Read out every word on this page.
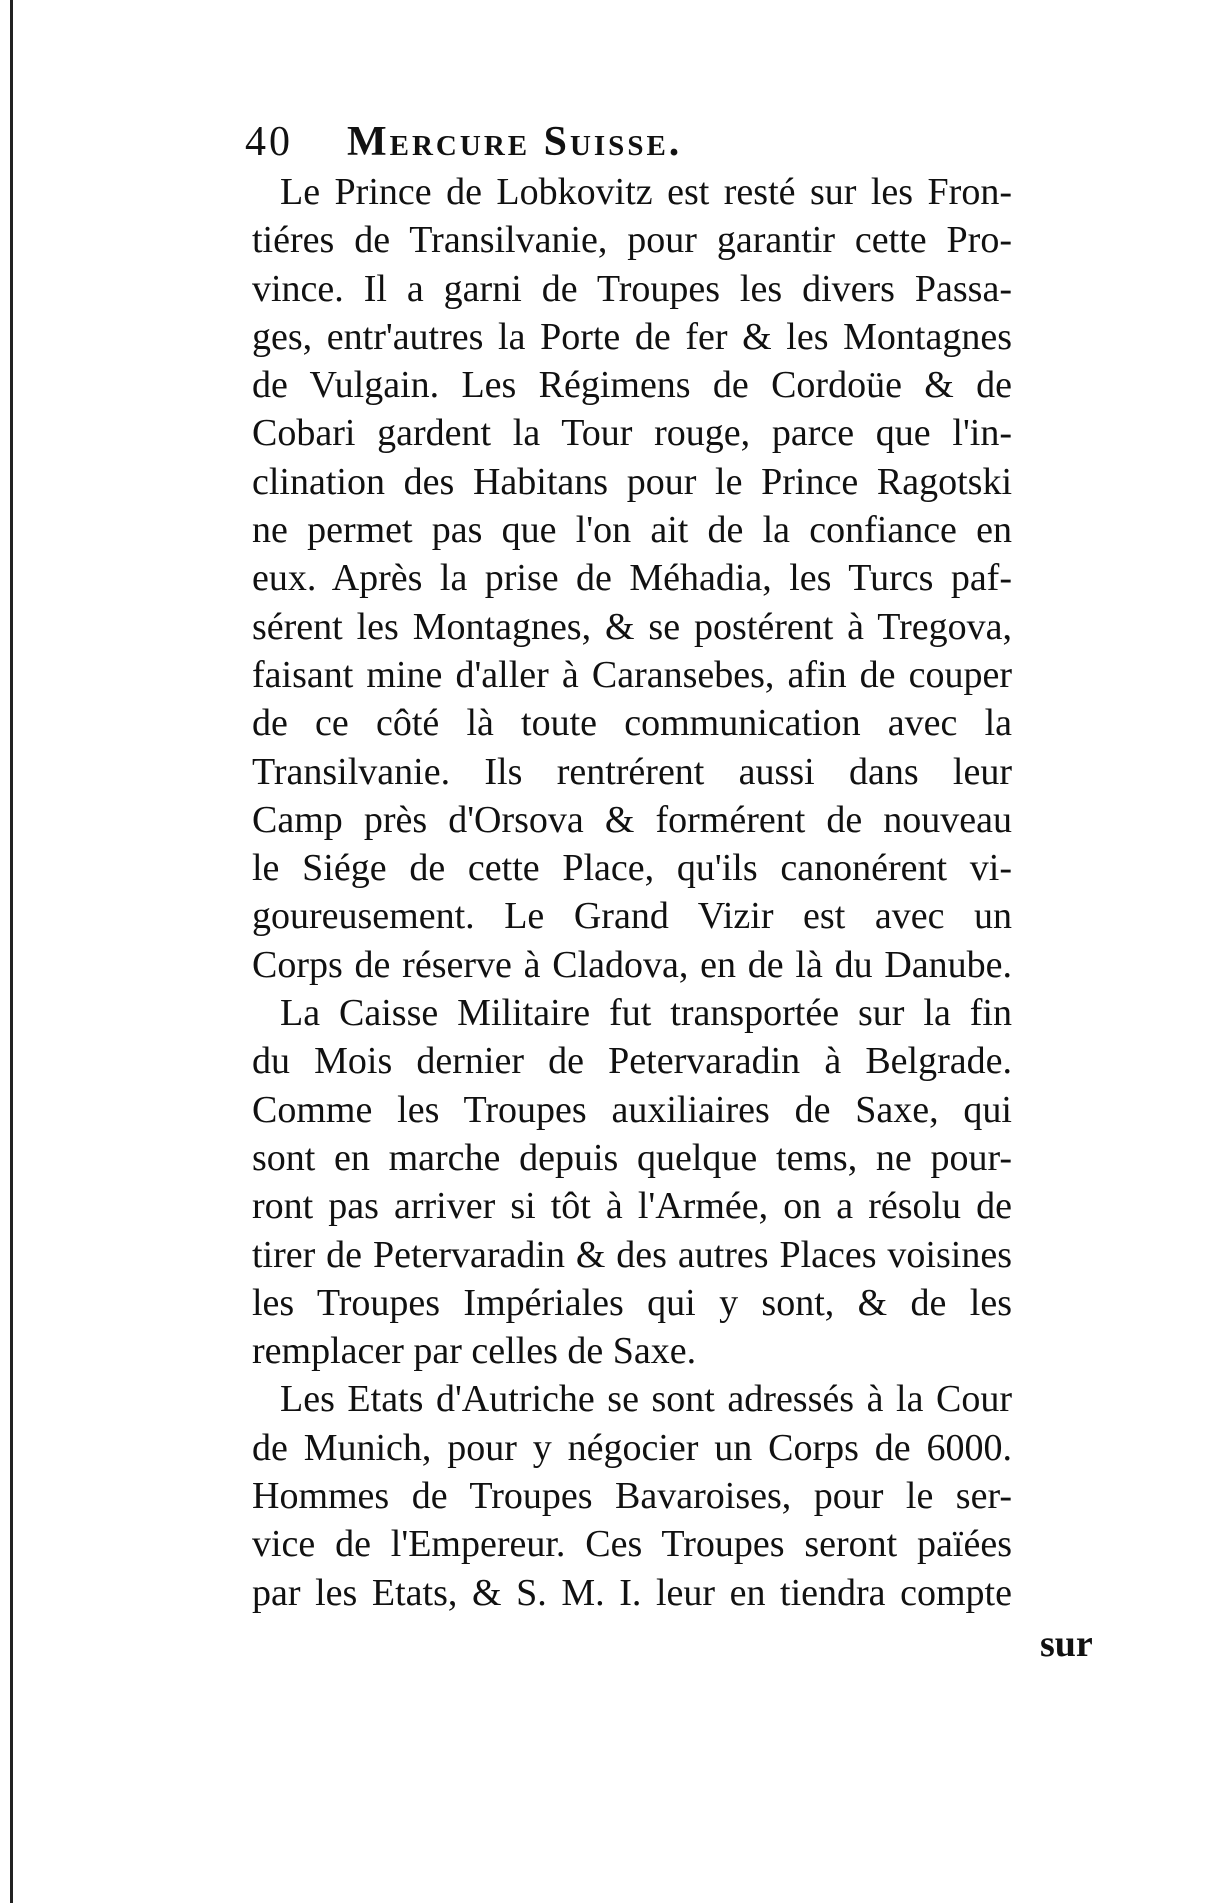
40 Mercure Suisse.
Le Prince de Lobkovitz est resté sur les Fron-
tiéres de Transilvanie, pour garantir cette Pro-
vince. Il a garni de Troupes les divers Passa-
ges, entr'autres la Porte de fer & les Montagnes
de Vulgain. Les Régimens de Cordoüe & de
Cobari gardent la Tour rouge, parce que l'in-
clination des Habitans pour le Prince Ragotski
ne permet pas que l'on ait de la confiance en
eux. Après la prise de Méhadia, les Turcs paf-
sérent les Montagnes, & se postérent à Tregova,
faisant mine d'aller à Caransebes, afin de couper
de ce côté là toute communication avec la
Transilvanie. Ils rentrérent aussi dans leur
Camp près d'Orsova & formérent de nouveau
le Siége de cette Place, qu'ils canonérent vi-
goureusement. Le Grand Vizir est avec un
Corps de réserve à Cladova, en de là du Danube.
La Caisse Militaire fut transportée sur la fin
du Mois dernier de Petervaradin à Belgrade.
Comme les Troupes auxiliaires de Saxe, qui
sont en marche depuis quelque tems, ne pour-
ront pas arriver si tôt à l'Armée, on a résolu de
tirer de Petervaradin & des autres Places voisines
les Troupes Impériales qui y sont, & de les
remplacer par celles de Saxe.
Les Etats d'Autriche se sont adressés à la Cour
de Munich, pour y négocier un Corps de 6000.
Hommes de Troupes Bavaroises, pour le ser-
vice de l'Empereur. Ces Troupes seront païées
par les Etats, & S. M. I. leur en tiendra compte
sur
